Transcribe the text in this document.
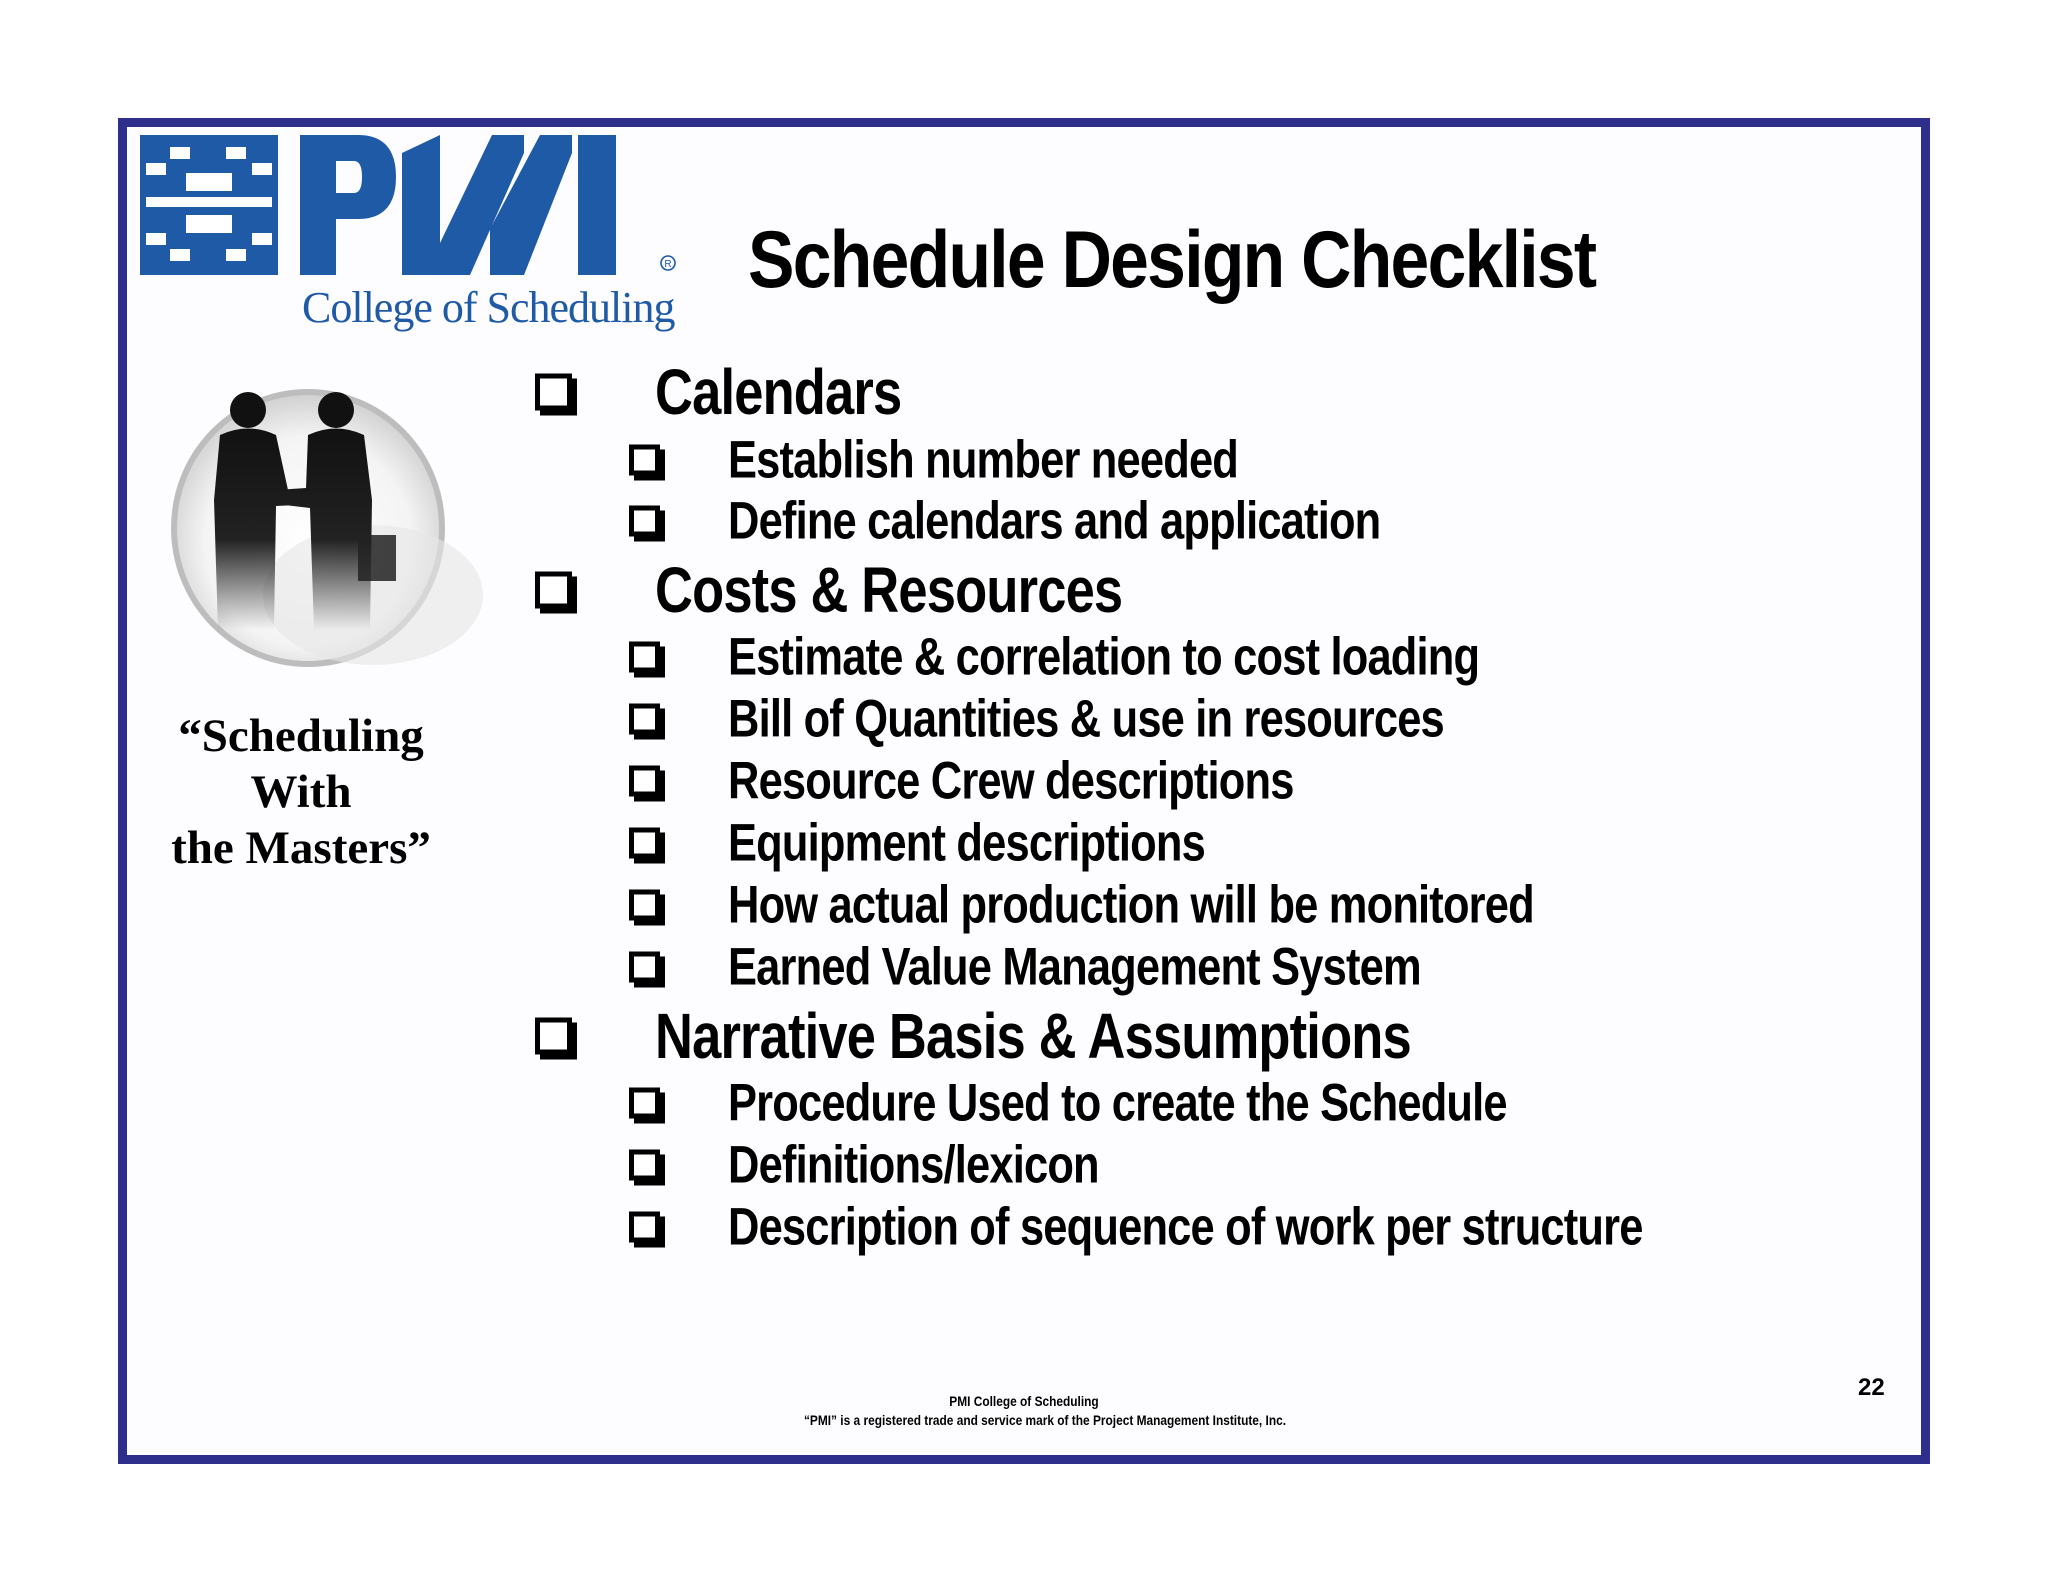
R
College of Scheduling
Schedule Design Checklist
“Scheduling
With
the Masters”
Calendars
Establish number needed
Define calendars and application
Costs & Resources
Estimate & correlation to cost loading
Bill of Quantities & use in resources
Resource Crew descriptions
Equipment descriptions
How actual production will be monitored
Earned Value Management System
Narrative Basis & Assumptions
Procedure Used to create the Schedule
Definitions/lexicon
Description of sequence of work per structure
PMI College of Scheduling
“PMI” is a registered trade and service mark of the Project Management Institute, Inc.
22
